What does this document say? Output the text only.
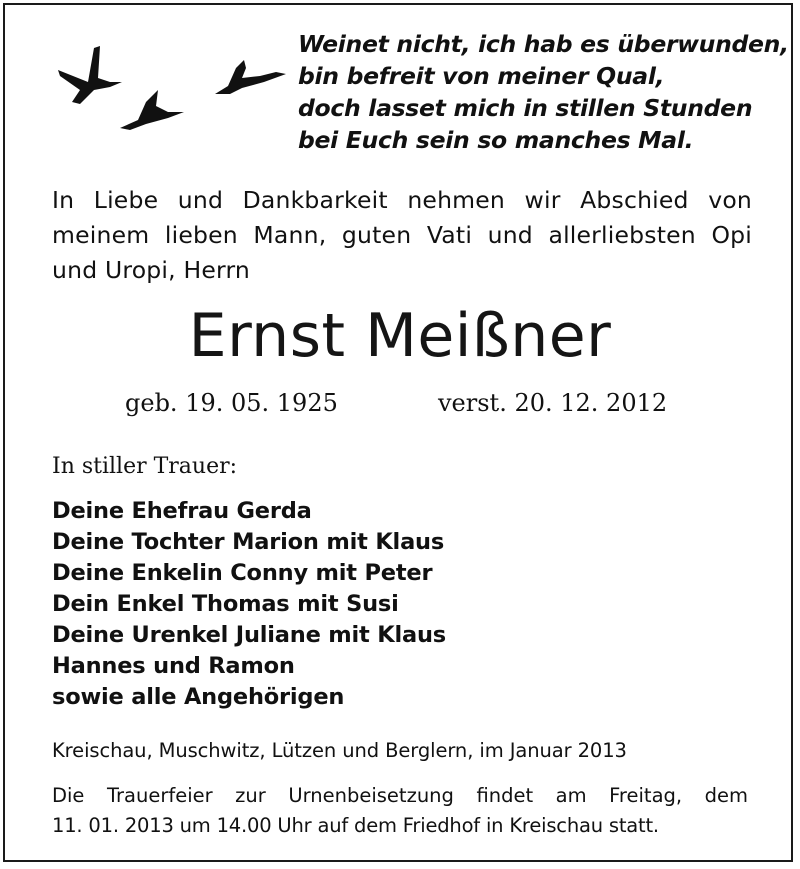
Weinet nicht, ich hab es überwunden,
bin befreit von meiner Qual,
doch lasset mich in stillen Stunden
bei Euch sein so manches Mal.
In Liebe und Dankbarkeit nehmen wir Abschied von
meinem lieben Mann, guten Vati und allerliebsten Opi
und Uropi, Herrn
Ernst Meißner
geb. 19. 05. 1925	verst. 20. 12. 2012
In stiller Trauer:
Deine Ehefrau Gerda
Deine Tochter Marion mit Klaus
Deine Enkelin Conny mit Peter
Dein Enkel Thomas mit Susi
Deine Urenkel Juliane mit Klaus
Hannes und Ramon
sowie alle Angehörigen
Kreischau, Muschwitz, Lützen und Berglern, im Januar 2013
Die Trauerfeier zur Urnenbeisetzung findet am Freitag, dem
11. 01. 2013 um 14.00 Uhr auf dem Friedhof in Kreischau statt.
